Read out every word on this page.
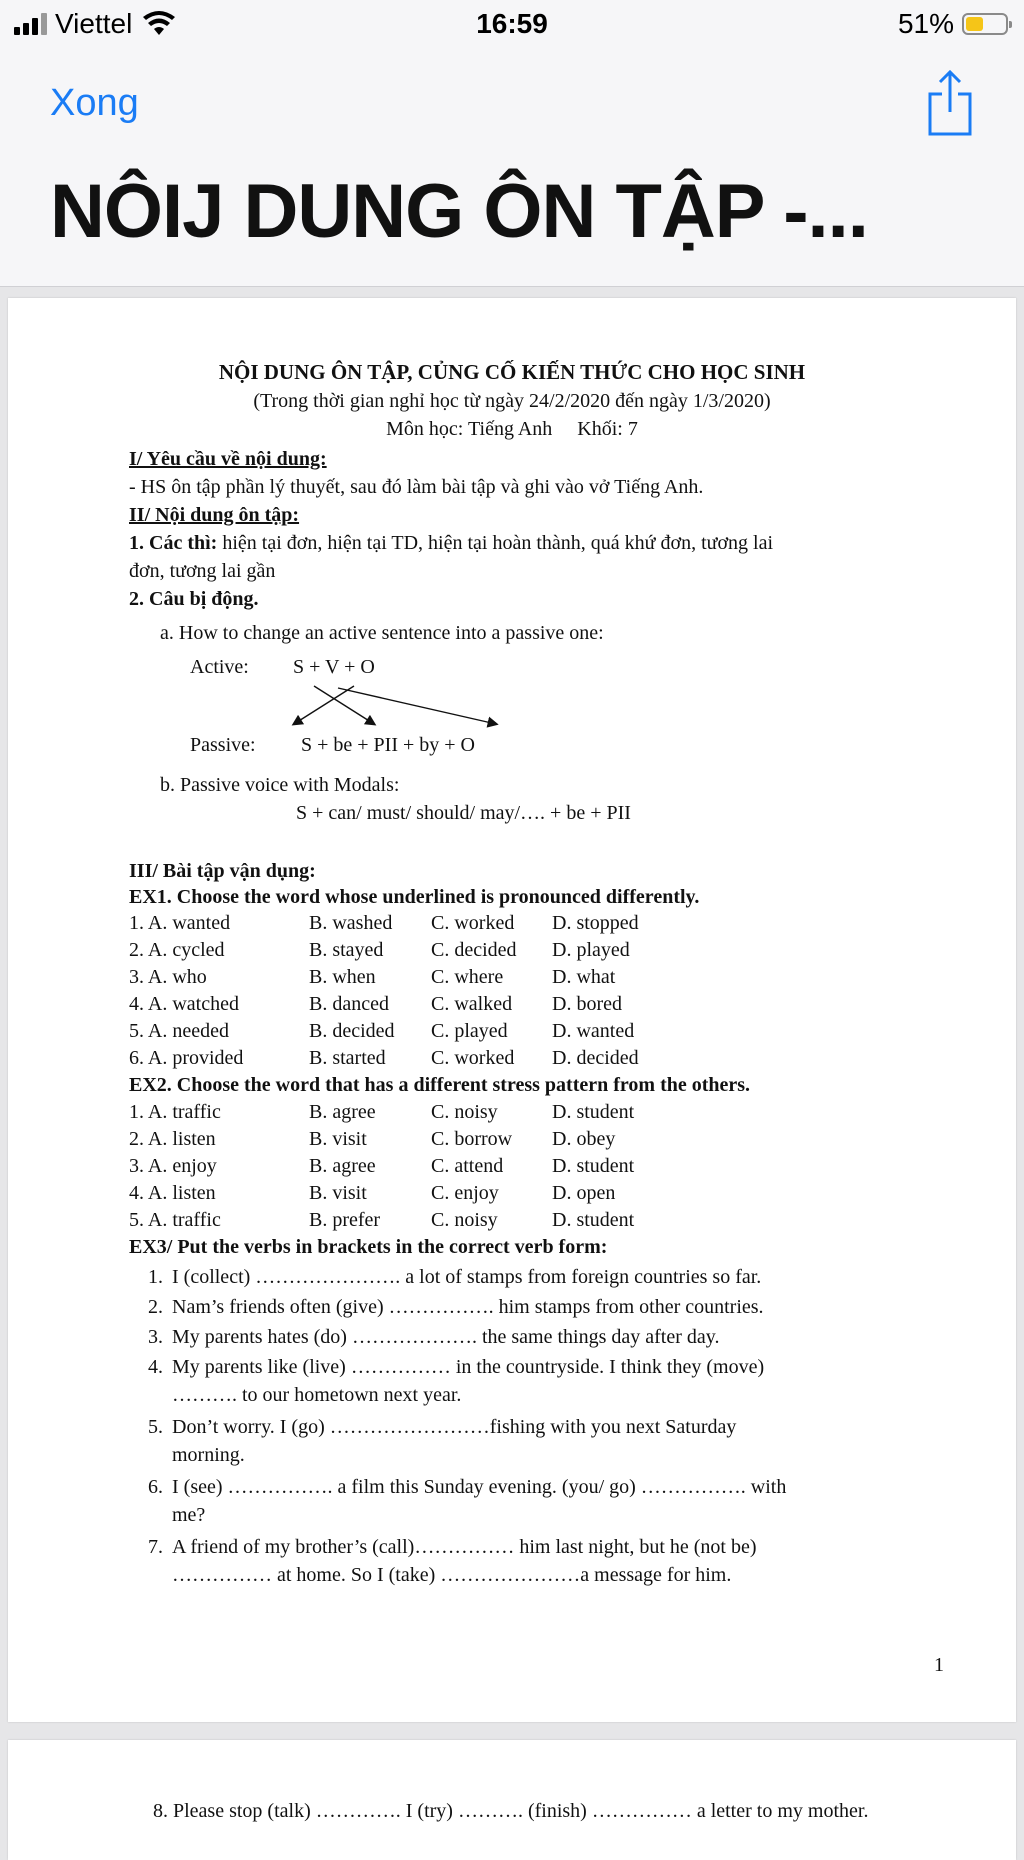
Viettel	16:59	51%
Xong
NÔIJ DUNG ÔN TẬP -...
NỘI DUNG ÔN TẬP, CỦNG CỐ KIẾN THỨC CHO HỌC SINH
(Trong thời gian nghỉ học từ ngày 24/2/2020 đến ngày 1/3/2020)
Môn học: Tiếng Anh     Khối: 7
I/ Yêu cầu về nội dung:
- HS ôn tập phần lý thuyết, sau đó làm bài tập và ghi vào vở Tiếng Anh.
II/ Nội dung ôn tập:
1. Các thì: hiện tại đơn, hiện tại TD, hiện tại hoàn thành, quá khứ đơn, tương lai
đơn, tương lai gần
2. Câu bị động.
a. How to change an active sentence into a passive one:
Active: S + V + O
Passive: S + be + PII + by + O
b. Passive voice with Modals:
S + can/ must/ should/ may/…. + be + PII
III/ Bài tập vận dụng:
EX1. Choose the word whose underlined is pronounced differently.
1. A. wanted	B. washed C. worked D. stopped
2. A. cycled	B. stayed C. decided D. played
3. A. who	B. when	C. where D. what
4. A. watched	B. danced C. walked D. bored
5. A. needed	B. decided C. played D. wanted
6. A. provided	B. started C. worked D. decided
EX2. Choose the word that has a different stress pattern from the others.
1. A. traffic	B. agree	C. noisy	D. student
2. A. listen	B. visit	C. borrow D. obey
3. A. enjoy	B. agree	C. attend D. student
4. A. listen	B. visit	C. enjoy	D. open
5. A. traffic	B. prefer	C. noisy	D. student
EX3/ Put the verbs in brackets in the correct verb form:
1. I (collect) …………………. a lot of stamps from foreign countries so far.
2. Nam’s friends often (give) ……………. him stamps from other countries.
3. My parents hates (do) ………………. the same things day after day.
4. My parents like (live) …………… in the countryside. I think they (move)
………. to our hometown next year.
5. Don’t worry. I (go) ……………………fishing with you next Saturday
morning.
6. I (see) ……………. a film this Sunday evening. (you/ go) ……………. with
me?
7. A friend of my brother’s (call)…………… him last night, but he (not be)
…………… at home. So I (take) …………………a message for him.
1
8. Please stop (talk) …………. I (try) ………. (finish) …………… a letter to my mother.
